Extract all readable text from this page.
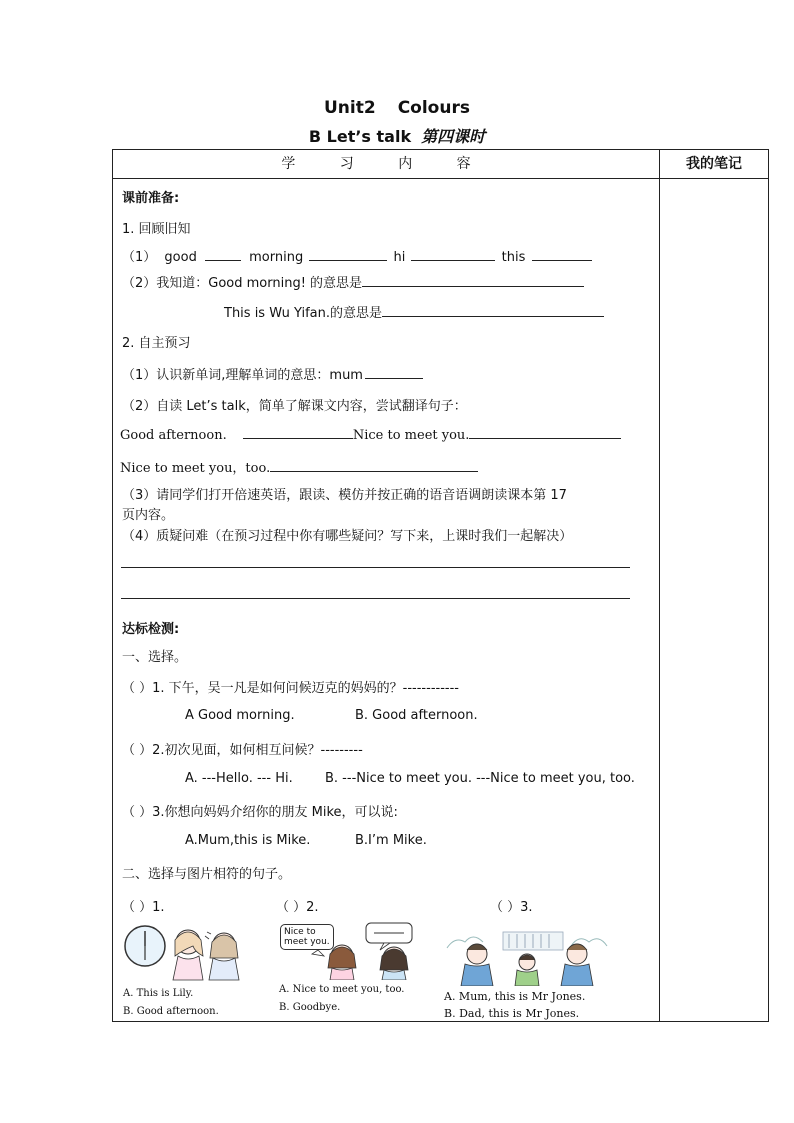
Unit2 Colours
B Let’s talk 第四课时
学 习 内 容	我的笔记
课前准备:
1. 回顾旧知
（1） good	morning	hi	this
（2）我知道：Good morning! 的意思是
This is Wu Yifan.的意思是
2. 自主预习
（1）认识新单词,理解单词的意思：mum
（2）自读 Let’s talk，简单了解课文内容，尝试翻译句子：
Good afternoon.	Nice to meet you.
Nice to meet you，too.
（3）请同学们打开倍速英语，跟读、模仿并按正确的语音语调朗读课本第 17
页内容。
（4）质疑问难（在预习过程中你有哪些疑问？写下来，上课时我们一起解决）
达标检测:
一、选择。
（ ）1. 下午，吴一凡是如何问候迈克的妈妈的？------------
A Good morning.	B. Good afternoon.
（ ）2.初次见面，如何相互问候？---------
A. ---Hello. --- Hi. B. ---Nice to meet you. ---Nice to meet you, too.
（ ）3.你想向妈妈介绍你的朋友 Mike，可以说:
A.Mum,this is Mike.	B.I’m Mike.
二、选择与图片相符的句子。
（ ）1.	（ ）2.	（ ）3.
A. This is Lily.
B. Good afternoon.
Nice to meet you.
A. Nice to meet you, too.
B. Goodbye.
A. Mum, this is Mr Jones.
B. Dad, this is Mr Jones.
